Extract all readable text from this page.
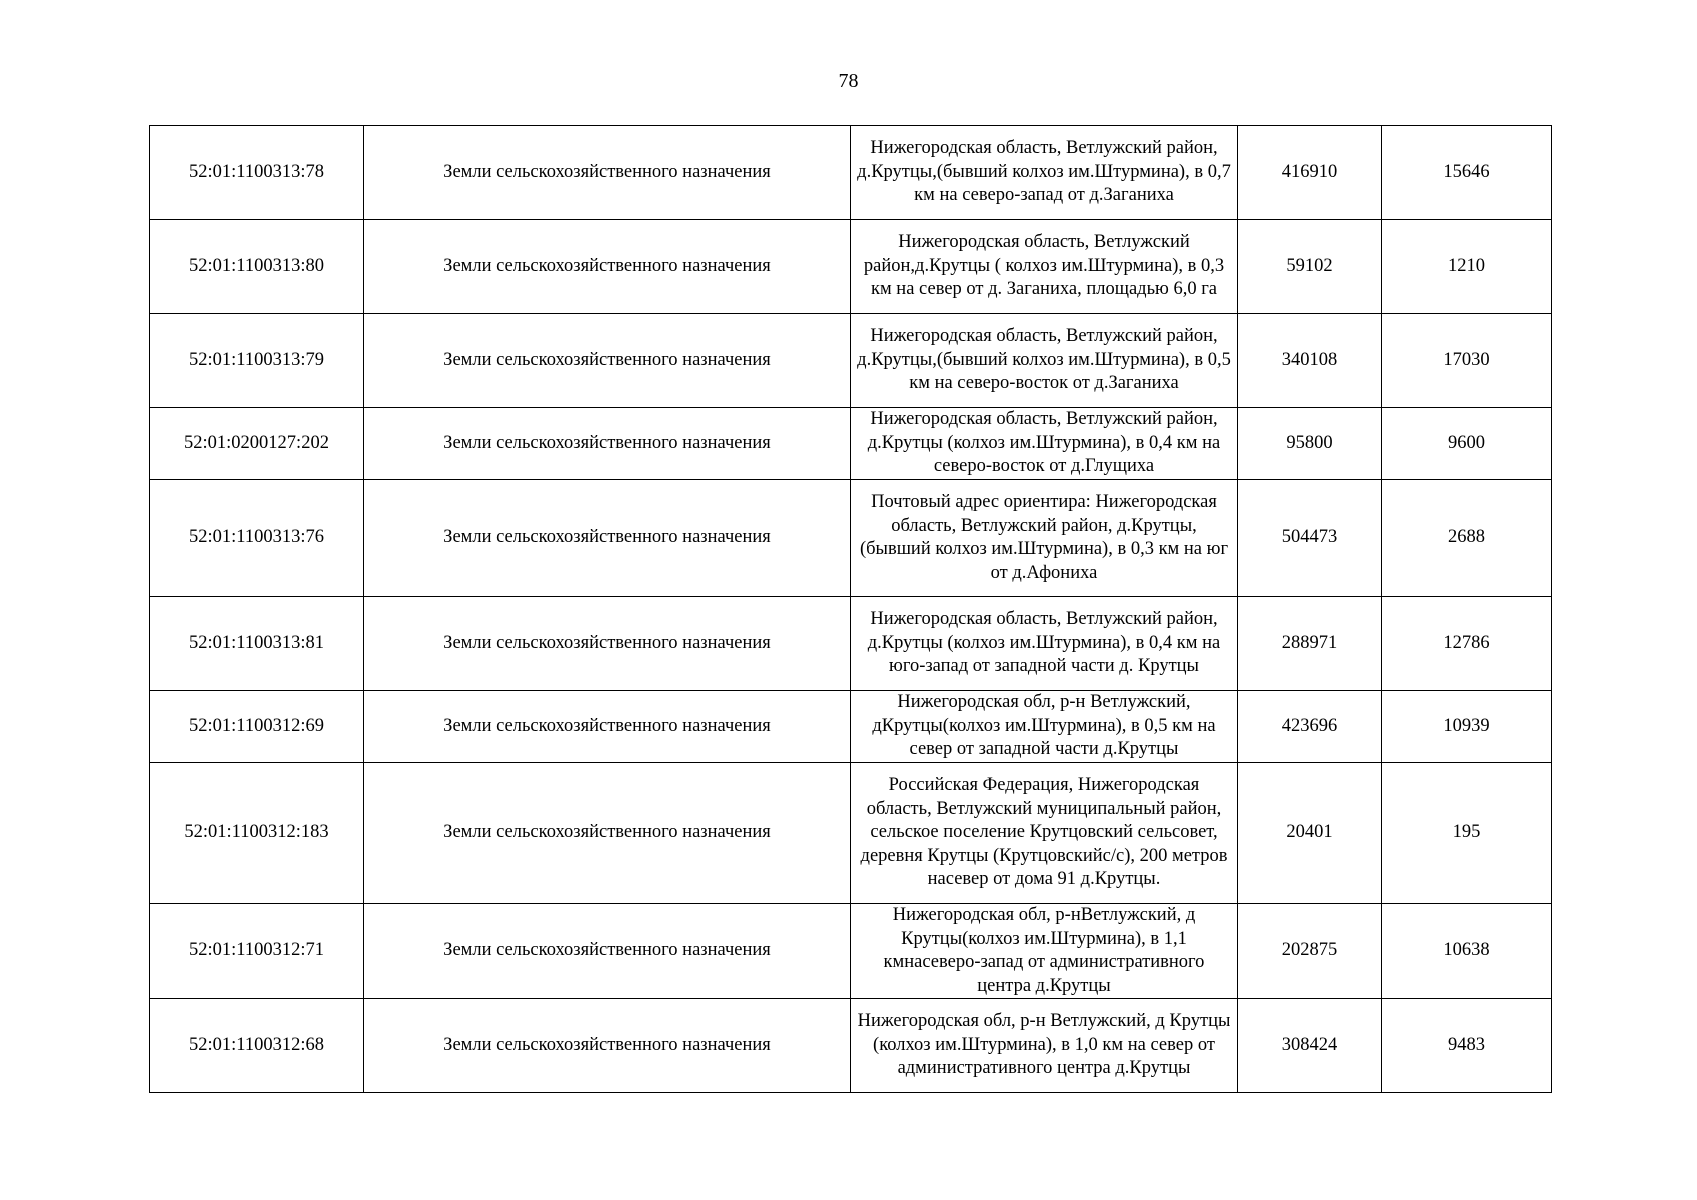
78
52:01:1100313:78	Земли сельскохозяйственного назначения	Нижегородская область, Ветлужский район, д.Крутцы,(бывший колхоз им.Штурмина), в 0,7 км на северо-запад от д.Заганиха	416910	15646
52:01:1100313:80	Земли сельскохозяйственного назначения	Нижегородская область, Ветлужский район,д.Крутцы ( колхоз им.Штурмина), в 0,3 км на север от д. Заганиха, площадью 6,0 га	59102	1210
52:01:1100313:79	Земли сельскохозяйственного назначения	Нижегородская область, Ветлужский район, д.Крутцы,(бывший колхоз им.Штурмина), в 0,5 км на северо-восток от д.Заганиха	340108	17030
52:01:0200127:202	Земли сельскохозяйственного назначения	Нижегородская область, Ветлужский район, д.Крутцы (колхоз им.Штурмина), в 0,4 км на северо-восток от д.Глущиха	95800	9600
52:01:1100313:76	Земли сельскохозяйственного назначения	Почтовый адрес ориентира: Нижегородская область, Ветлужский район, д.Крутцы,(бывший колхоз им.Штурмина), в 0,3 км на юг от д.Афониха	504473	2688
52:01:1100313:81	Земли сельскохозяйственного назначения	Нижегородская область, Ветлужский район, д.Крутцы (колхоз им.Штурмина), в 0,4 км на юго-запад от западной части д. Крутцы	288971	12786
52:01:1100312:69	Земли сельскохозяйственного назначения	Нижегородская обл, р-н Ветлужский, дКрутцы(колхоз им.Штурмина), в 0,5 км на север от западной части д.Крутцы	423696	10939
52:01:1100312:183	Земли сельскохозяйственного назначения	Российская Федерация, Нижегородская область, Ветлужский муниципальный район, сельское поселение Крутцовский сельсовет, деревня Крутцы (Крутцовскийс/с), 200 метров насевер от дома 91 д.Крутцы.	20401	195
52:01:1100312:71	Земли сельскохозяйственного назначения	Нижегородская обл, р-нВетлужский, д Крутцы(колхоз им.Штурмина), в 1,1 кмнасеверо-запад от административного центра д.Крутцы	202875	10638
52:01:1100312:68	Земли сельскохозяйственного назначения	Нижегородская обл, р-н Ветлужский, д Крутцы (колхоз им.Штурмина), в 1,0 км на север от административного центра д.Крутцы	308424	9483
